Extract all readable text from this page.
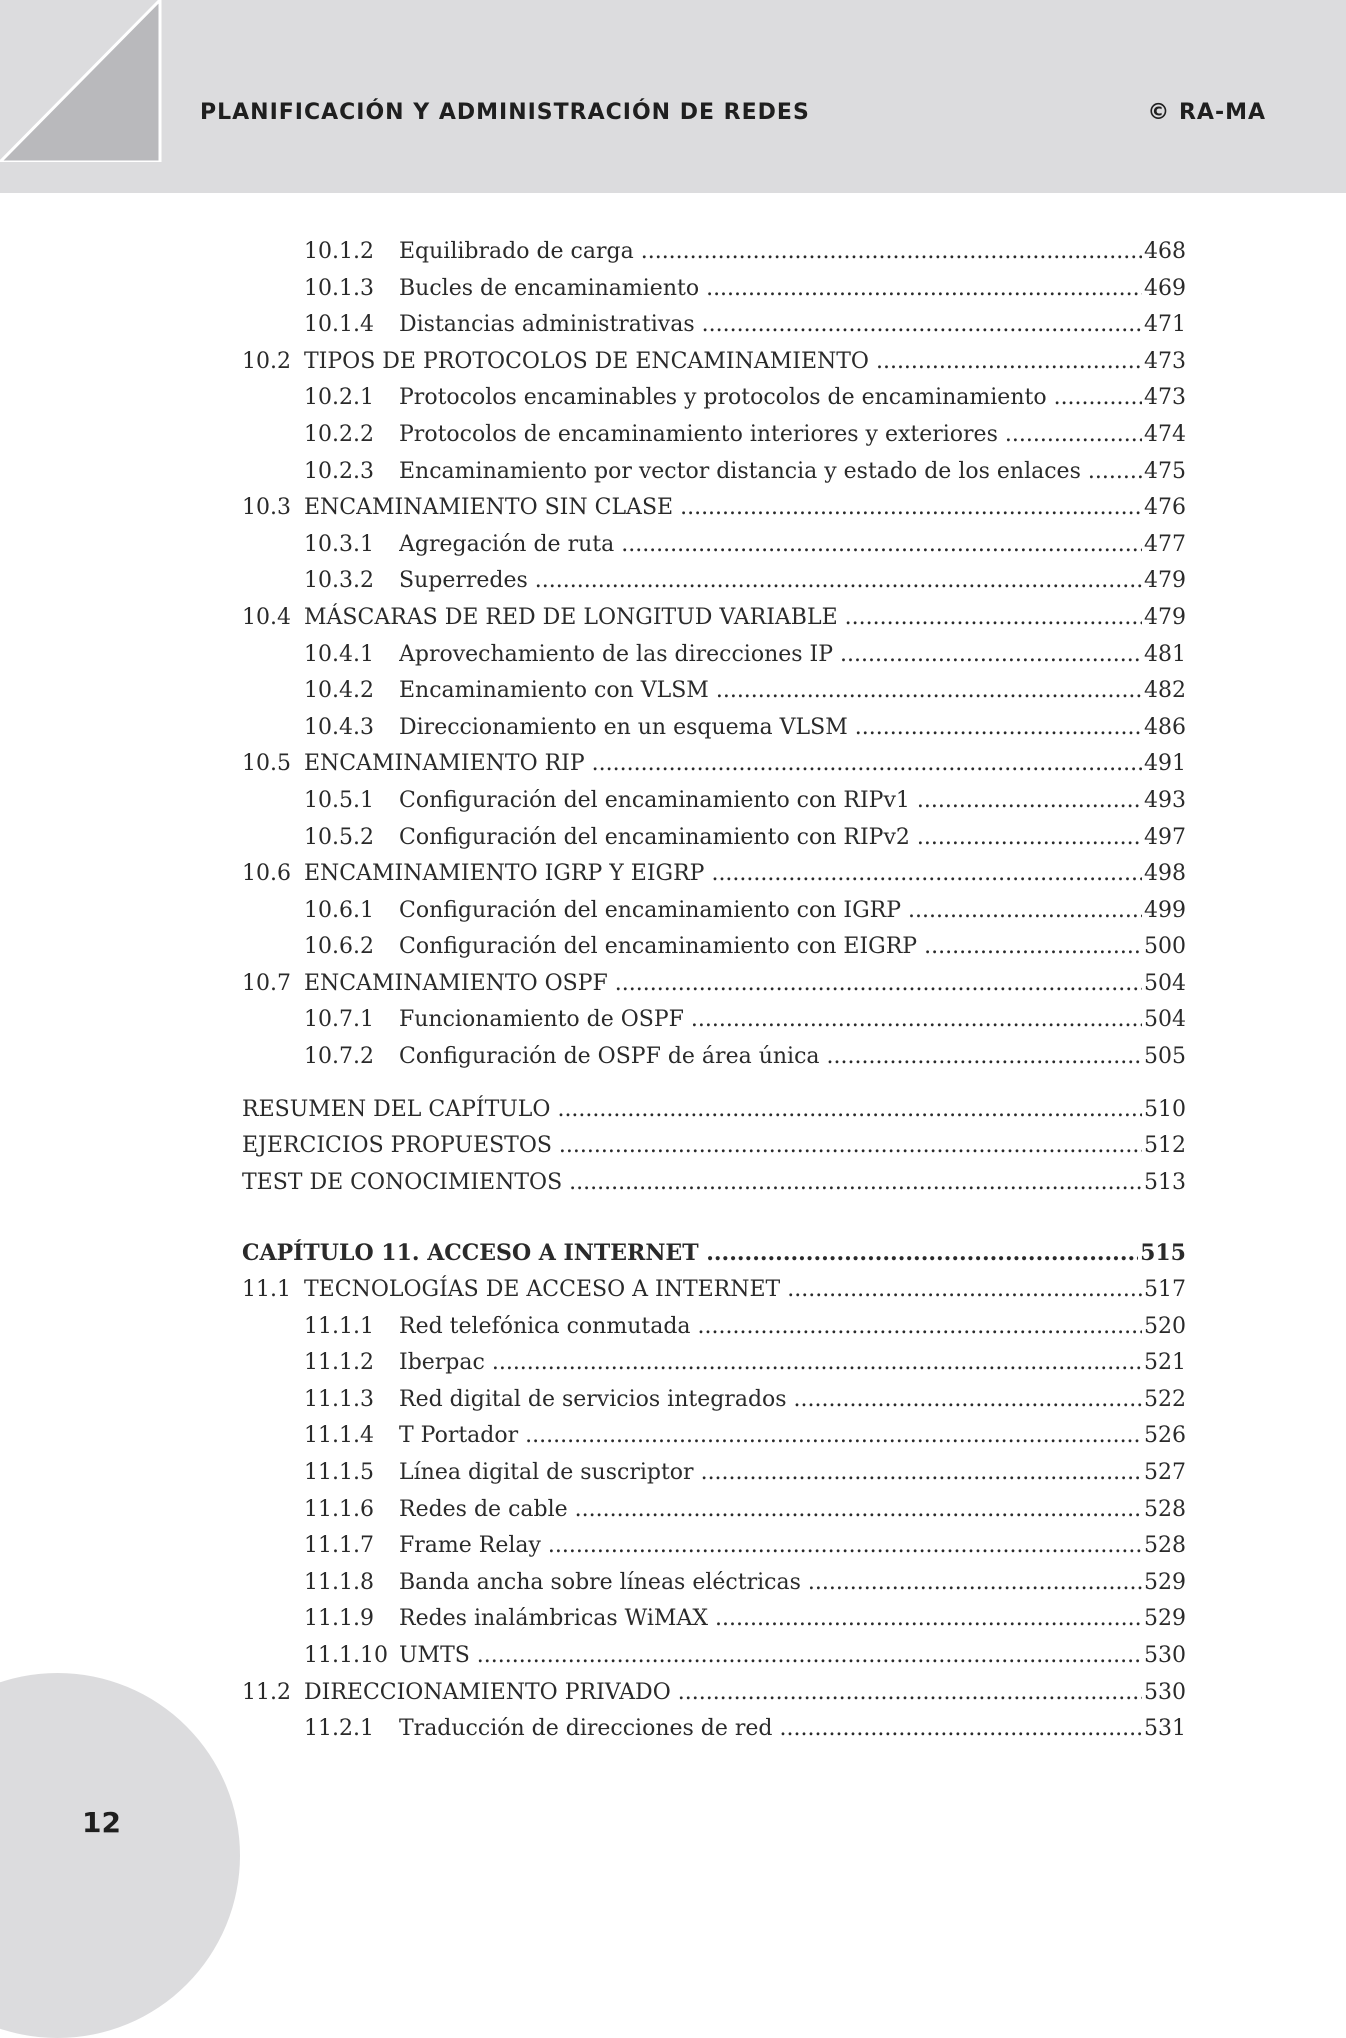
PLANIFICACIÓN Y ADMINISTRACIÓN DE REDES	© RA-MA
10.1.2	Equilibrado de carga .....	468
10.1.3	Bucles de encaminamiento .....	469
10.1.4	Distancias administrativas .....	471
10.2 TIPOS DE PROTOCOLOS DE ENCAMINAMIENTO .....	473
10.2.1	Protocolos encaminables y protocolos de encaminamiento .....	473
10.2.2	Protocolos de encaminamiento interiores y exteriores .....	474
10.2.3	Encaminamiento por vector distancia y estado de los enlaces .....	475
10.3 ENCAMINAMIENTO SIN CLASE .....	476
10.3.1	Agregación de ruta .....	477
10.3.2	Superredes .....	479
10.4 MÁSCARAS DE RED DE LONGITUD VARIABLE .....	479
10.4.1	Aprovechamiento de las direcciones IP .....	481
10.4.2	Encaminamiento con VLSM .....	482
10.4.3	Direccionamiento en un esquema VLSM .....	486
10.5 ENCAMINAMIENTO RIP .....	491
10.5.1	Configuración del encaminamiento con RIPv1 .....	493
10.5.2	Configuración del encaminamiento con RIPv2 .....	497
10.6 ENCAMINAMIENTO IGRP Y EIGRP .....	498
10.6.1	Configuración del encaminamiento con IGRP .....	499
10.6.2	Configuración del encaminamiento con EIGRP .....	500
10.7 ENCAMINAMIENTO OSPF .....	504
10.7.1	Funcionamiento de OSPF .....	504
10.7.2	Configuración de OSPF de área única .....	505
RESUMEN DEL CAPÍTULO .....	510
EJERCICIOS PROPUESTOS .....	512
TEST DE CONOCIMIENTOS .....	513
CAPÍTULO 11. ACCESO A INTERNET .....	515
11.1 TECNOLOGÍAS DE ACCESO A INTERNET .....	517
11.1.1	Red telefónica conmutada .....	520
11.1.2	Iberpac .....	521
11.1.3	Red digital de servicios integrados .....	522
11.1.4	T Portador .....	526
11.1.5	Línea digital de suscriptor .....	527
11.1.6	Redes de cable .....	528
11.1.7	Frame Relay .....	528
11.1.8	Banda ancha sobre líneas eléctricas .....	529
11.1.9	Redes inalámbricas WiMAX .....	529
11.1.10 UMTS .....	530
11.2 DIRECCIONAMIENTO PRIVADO .....	530
11.2.1	Traducción de direcciones de red .....	531
12
